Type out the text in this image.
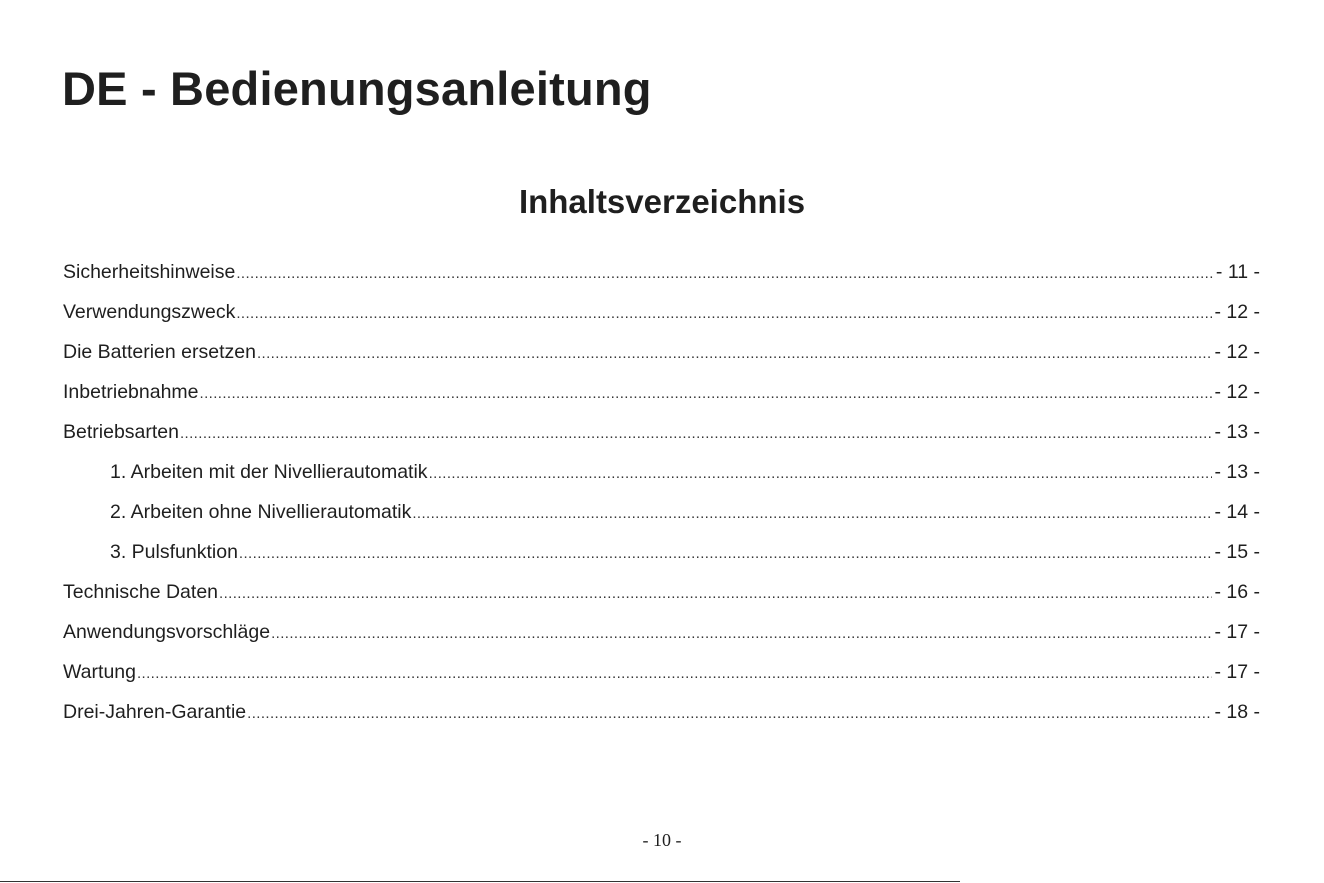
DE - Bedienungsanleitung
Inhaltsverzeichnis
Sicherheitshinweise .....	- 11 -
Verwendungszweck .....	- 12 -
Die Batterien ersetzen .....	- 12 -
Inbetriebnahme .....	- 12 -
Betriebsarten .....	- 13 -
1. Arbeiten mit der Nivellierautomatik .....	- 13 -
2. Arbeiten ohne Nivellierautomatik .....	- 14 -
3. Pulsfunktion .....	- 15 -
Technische Daten .....	- 16 -
Anwendungsvorschläge .....	- 17 -
Wartung .....	- 17 -
Drei-Jahren-Garantie .....	- 18 -
- 10 -
